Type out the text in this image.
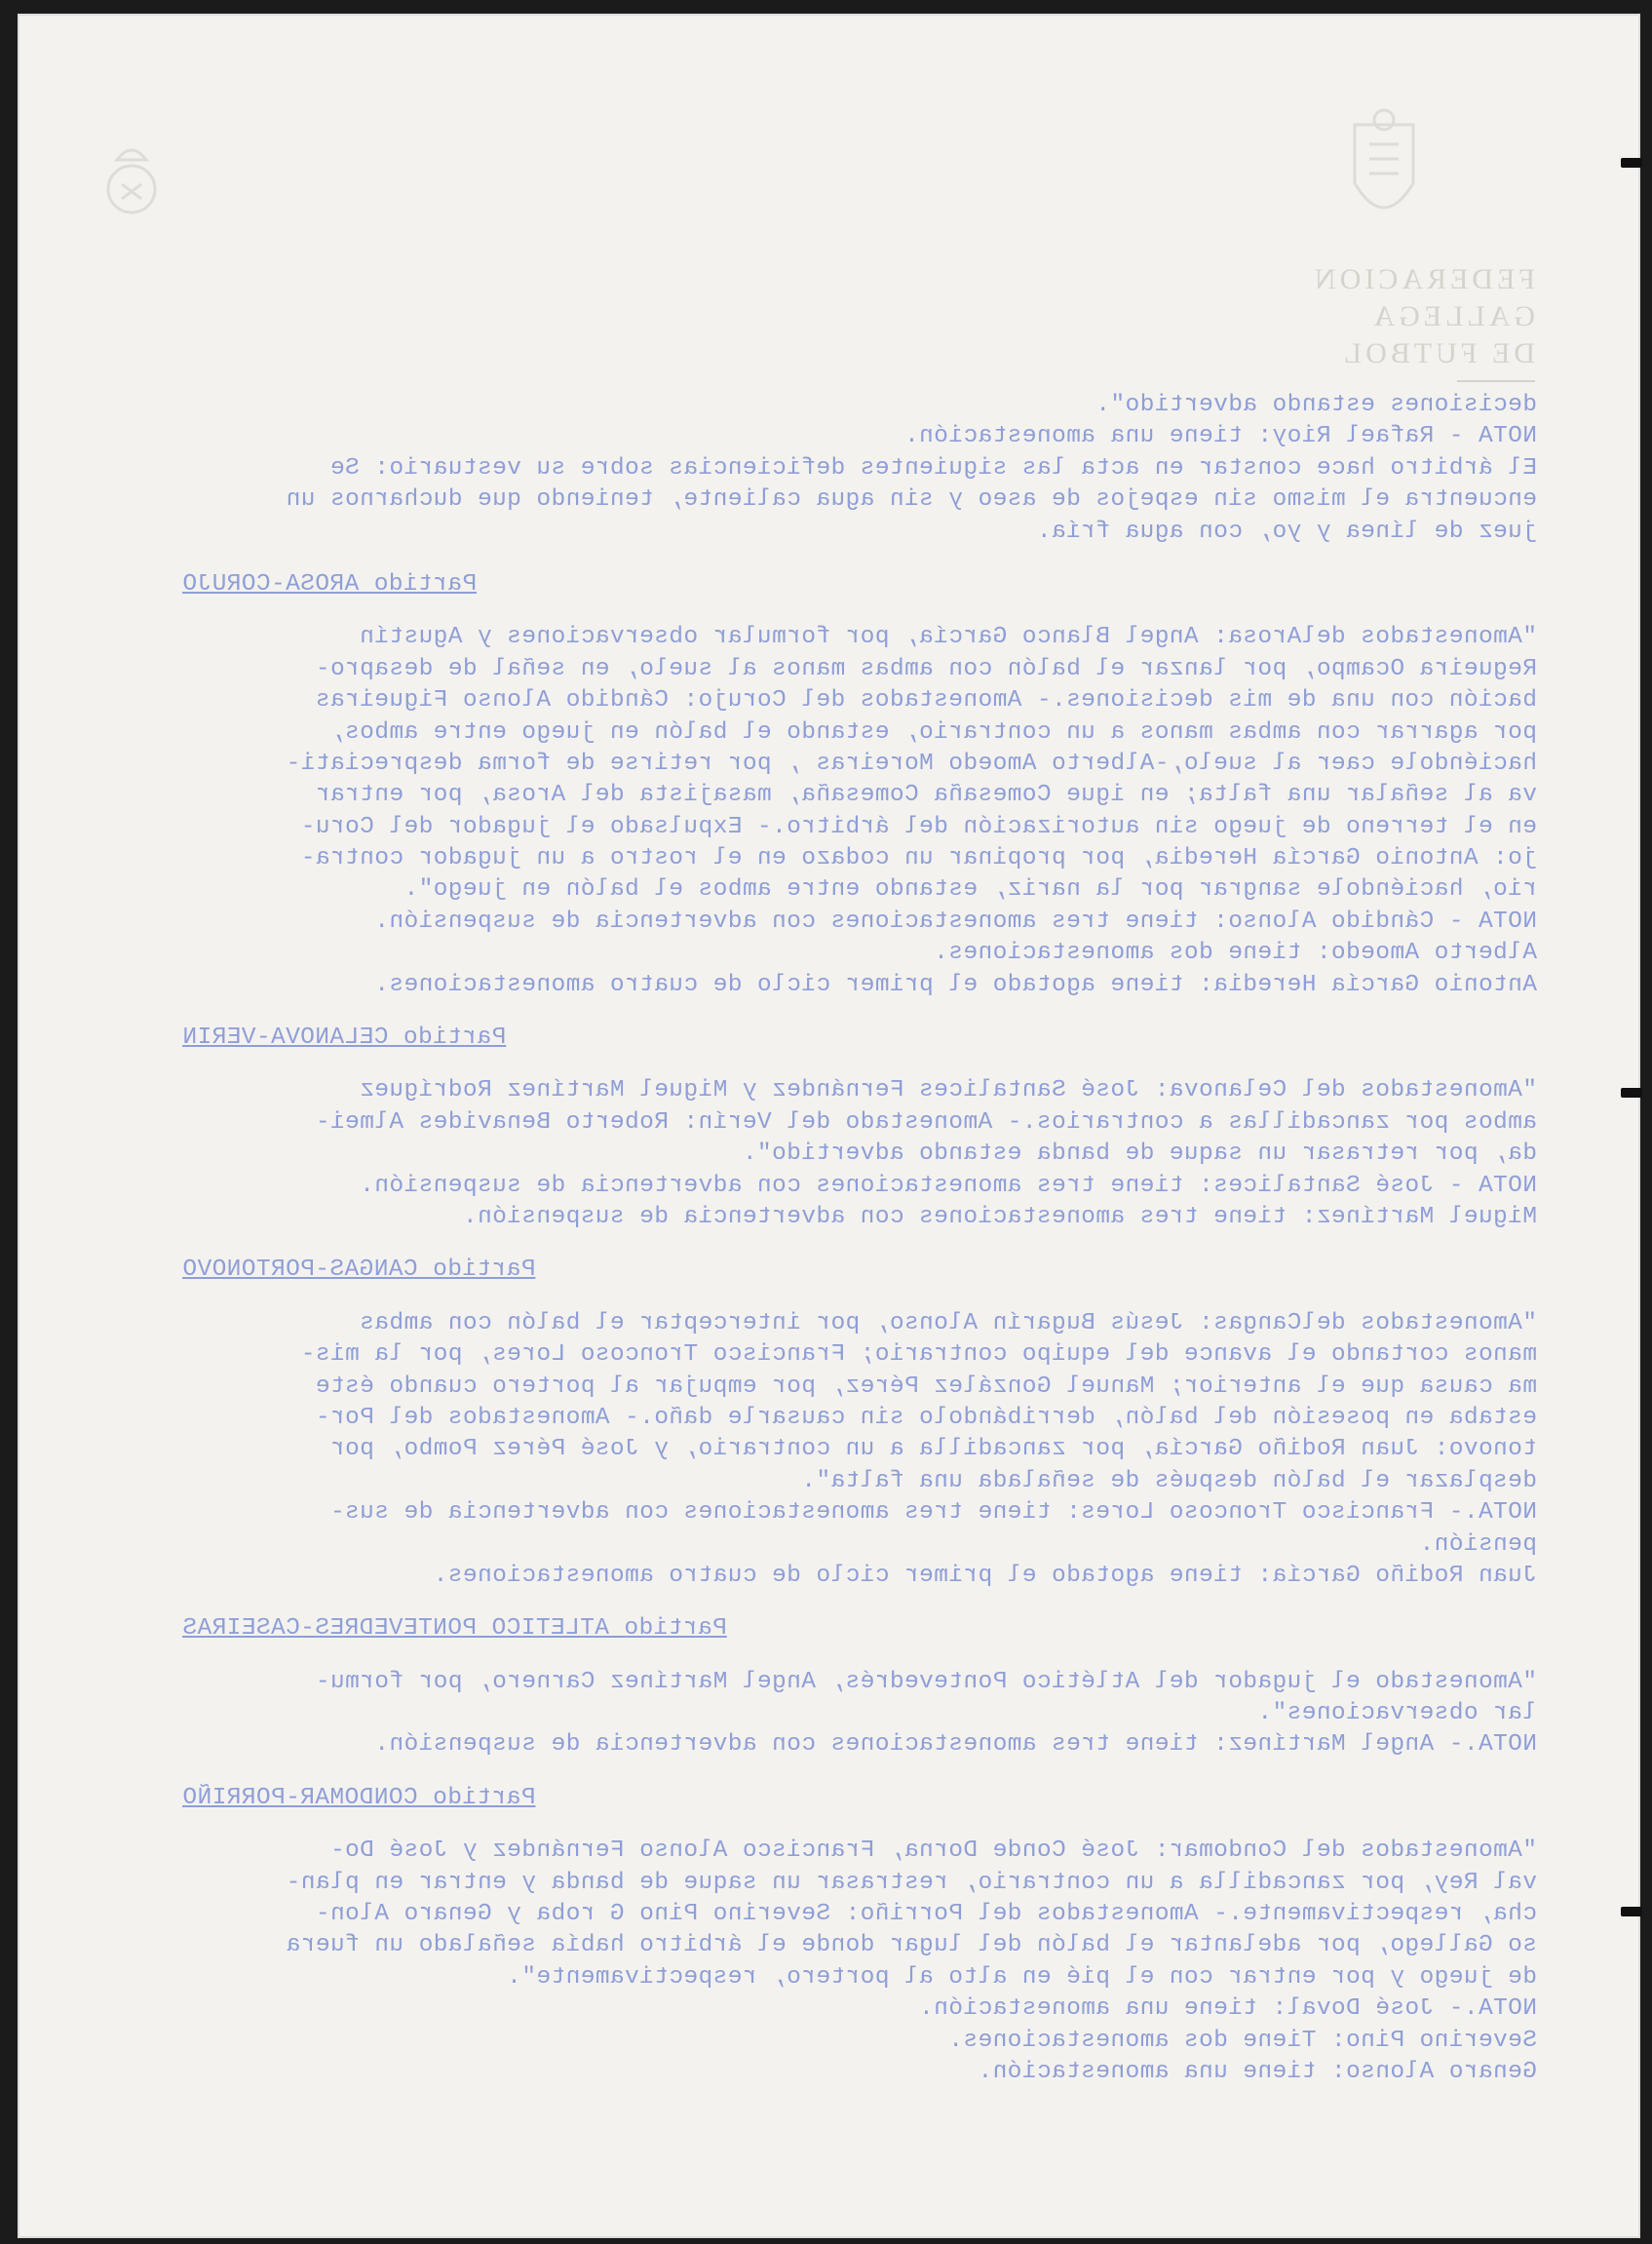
FEDERACION GALLEGA
DE FUTBOL
decisiones estando advertido".
NOTA - Rafael Rioy: tiene una amonestación.
El árbitro hace constar en acta las siguientes deficiencias sobre su vestuario: Se
encuentra el mismo sin espejos de aseo y sin agua caliente, teniendo que ducharnos un
juez de línea y yo, con agua fría.
Partido AROSA-CORUJO
"Amonestados delArosa: Angel Blanco García, por formular observaciones y Agustín
Regueira Ocampo, por lanzar el balón con ambas manos al suelo, en señal de desapro-
bación con una de mis decisiones.- Amonestados del Corujo: Cándido Alonso Figueiras
por agarrar con ambas manos a un contrario, estando el balón en juego entre ambos,
haciéndole caer al suelo,-Alberto Amoedo Moreiras , por retirse de forma despreciati-
va al señalar una falta; en igue Comesaña Comesaña, masajista del Arosa, por entrar
en el terreno de juego sin autorización del árbitro.- Expulsado el jugador del Coru-
jo: Antonio García Heredia, por propinar un codazo en el rostro a un jugador contra-
rio, haciéndole sangrar por la nariz, estando entre ambos el balón en juego".
NOTA - Cándido Alonso: tiene tres amonestaciones con advertencia de suspensión.
Alberto Amoedo: tiene dos amonestaciones.
Antonio García Heredia: tiene agotado el primer ciclo de cuatro amonestaciones.
Partido CELANOVA-VERIN
"Amonestados del Celanova: José Santalices Fernández y Miguel Martínez Rodríguez
ambos por zancadillas a contrarios.- Amonestado del Verín: Roberto Benavides Almei-
da, por retrasar un saque de banda estando advertido".
NOTA - José Santalices: tiene tres amonestaciones con advertencia de suspensión.
Miguel Martínez: tiene tres amonestaciones con advertencia de suspensión.
Partido CANGAS-PORTONOVO
"Amonestados delCangas: Jesús Bugarín Alonso, por interceptar el balón con ambas
manos cortando el avance del equipo contrario; Francisco Troncoso Lores, por la mis-
ma causa que el anterior; Manuel González Pérez, por empujar al portero cuando éste
estaba en posesión del balón, derribándolo sin causarle daño.- Amonestados del Por-
tonovo: Juan Rodiño García, por zancadilla a un contrario, y José Pérez Pombo, por
desplazar el balón después de señalada una falta".
NOTA.- Francisco Troncoso Lores: tiene tres amonestaciones con advertencia de sus-
pensión.
Juan Rodiño García: tiene agotado el primer ciclo de cuatro amonestaciones.
Partido ATLETICO PONTEVEDRES-CASEIRAS
"Amonestado el jugador del Atlético Pontevedrés, Angel Martínez Carnero, por formu-
lar observaciones".
NOTA.- Angel Martínez: tiene tres amonestaciones con advertencia de suspensión.
Partido CONDOMAR-PORRIÑO
"Amonestados del Condomar: José Conde Dorna, Francisco Alonso Fernández y José Do-
val Rey, por zancadilla a un contrario, restrasar un saque de banda y entrar en plan-
cha, respectivamente.- Amonestados del Porriño: Severino Pino G roba y Genaro Alon-
so Gallego, por adelantar el balón del lugar donde el árbitro había señalado un fuera
de juego y por entrar con el pié en alto al portero, respectivamente".
NOTA.- José Doval: tiene una amonestación.
Severino Pino: Tiene dos amonestaciones.
Genaro Alonso: tiene una amonestación.
